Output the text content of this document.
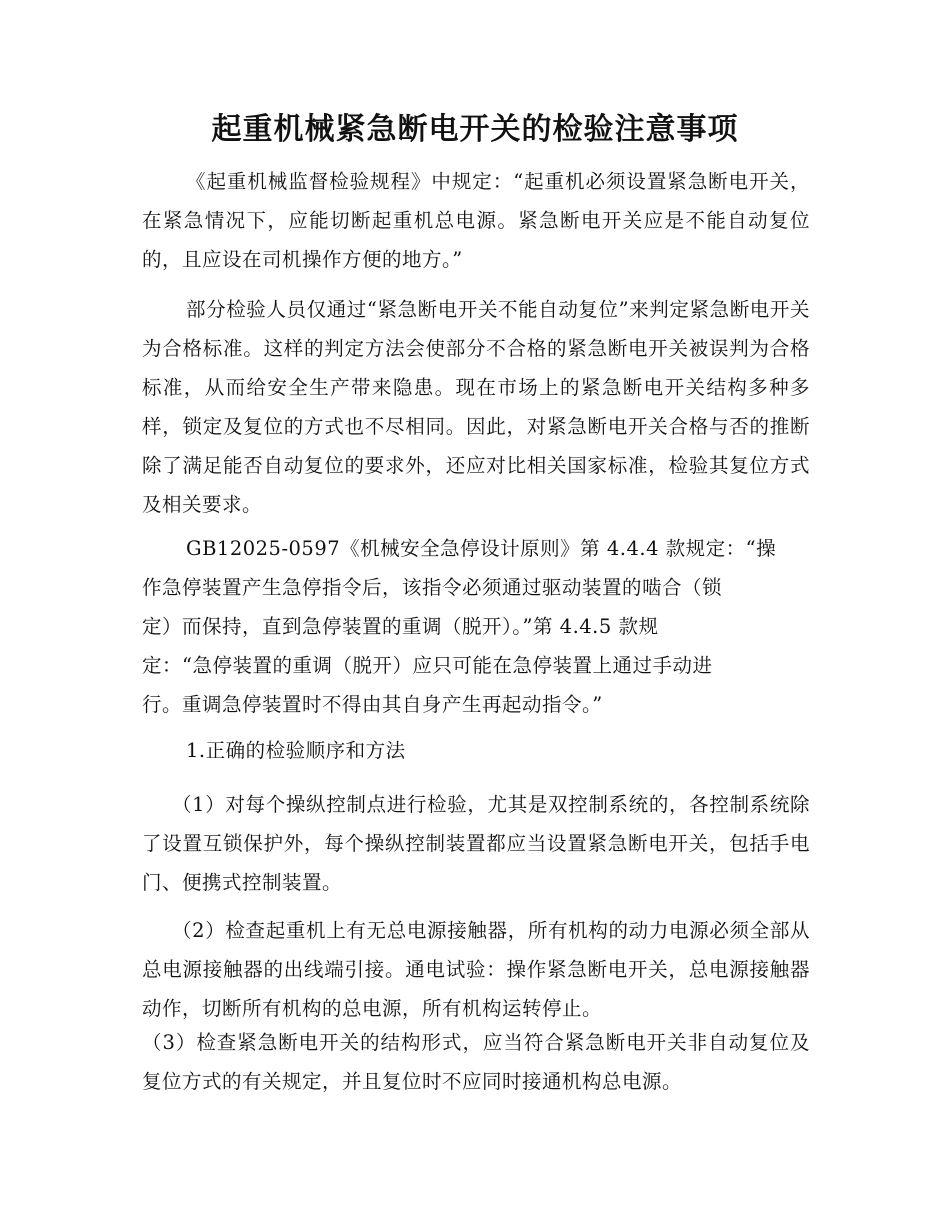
起重机械紧急断电开关的检验注意事项

《起重机械监督检验规程》中规定：“起重机必须设置紧急断电开关，在紧急情况下，应能切断起重机总电源。紧急断电开关应是不能自动复位的，且应设在司机操作方便的地方。”

部分检验人员仅通过“紧急断电开关不能自动复位”来判定紧急断电开关为合格标准。这样的判定方法会使部分不合格的紧急断电开关被误判为合格标准，从而给安全生产带来隐患。现在市场上的紧急断电开关结构多种多样，锁定及复位的方式也不尽相同。因此，对紧急断电开关合格与否的推断除了满足能否自动复位的要求外，还应对比相关国家标准，检验其复位方式及相关要求。

GB12025-0597《机械安全急停设计原则》第 4.4.4 款规定：“操
作急停装置产生急停指令后，该指令必须通过驱动装置的啮合（锁
定）而保持，直到急停装置的重调（脱开）。”第 4.4.5 款规
定：“急停装置的重调（脱开）应只可能在急停装置上通过手动进
行。重调急停装置时不得由其自身产生再起动指令。”

1.正确的检验顺序和方法

（1）对每个操纵控制点进行检验，尤其是双控制系统的，各控制系统除了设置互锁保护外，每个操纵控制装置都应当设置紧急断电开关，包括手电门、便携式控制装置。

（2）检查起重机上有无总电源接触器，所有机构的动力电源必须全部从总电源接触器的出线端引接。通电试验：操作紧急断电开关，总电源接触器动作，切断所有机构的总电源，所有机构运转停止。

（3）检查紧急断电开关的结构形式，应当符合紧急断电开关非自动复位及复位方式的有关规定，并且复位时不应同时接通机构总电源。
